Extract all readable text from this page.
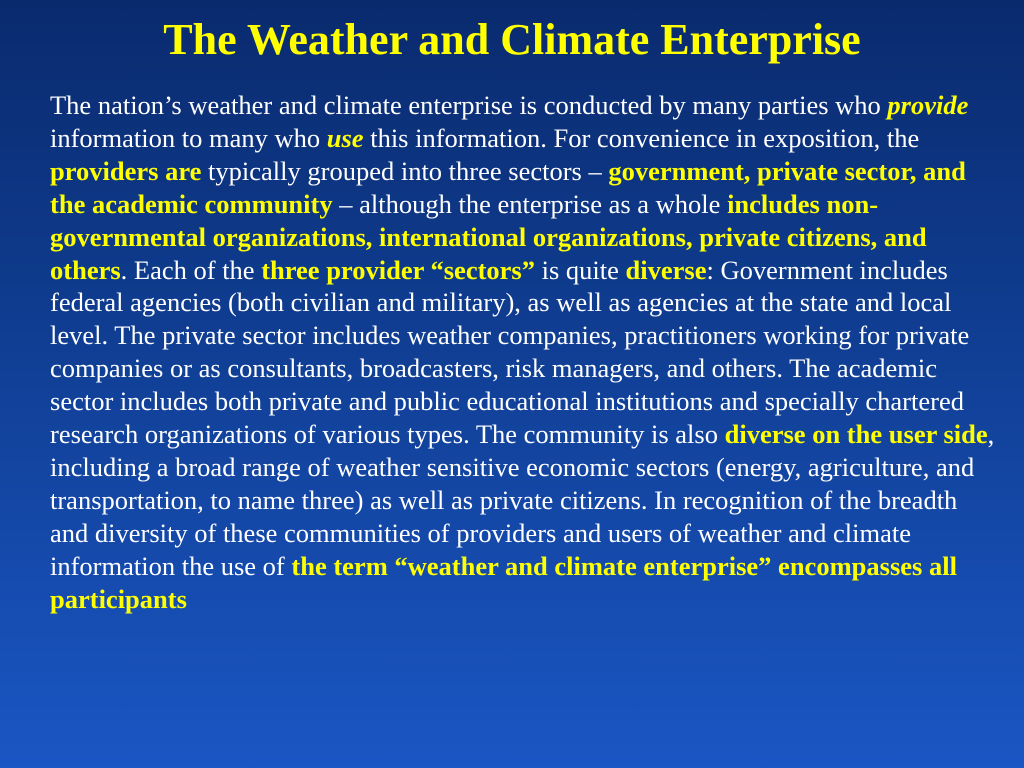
The Weather and Climate Enterprise

The nation’s weather and climate enterprise is conducted by many parties who provide information to many who use this information. For convenience in exposition, the providers are typically grouped into three sectors – government, private sector, and the academic community – although the enterprise as a whole includes non-governmental organizations, international organizations, private citizens, and others. Each of the three provider “sectors” is quite diverse: Government includes federal agencies (both civilian and military), as well as agencies at the state and local level. The private sector includes weather companies, practitioners working for private companies or as consultants, broadcasters, risk managers, and others. The academic sector includes both private and public educational institutions and specially chartered research organizations of various types. The community is also diverse on the user side, including a broad range of weather sensitive economic sectors (energy, agriculture, and transportation, to name three) as well as private citizens. In recognition of the breadth and diversity of these communities of providers and users of weather and climate information the use of the term “weather and climate enterprise” encompasses all participants
